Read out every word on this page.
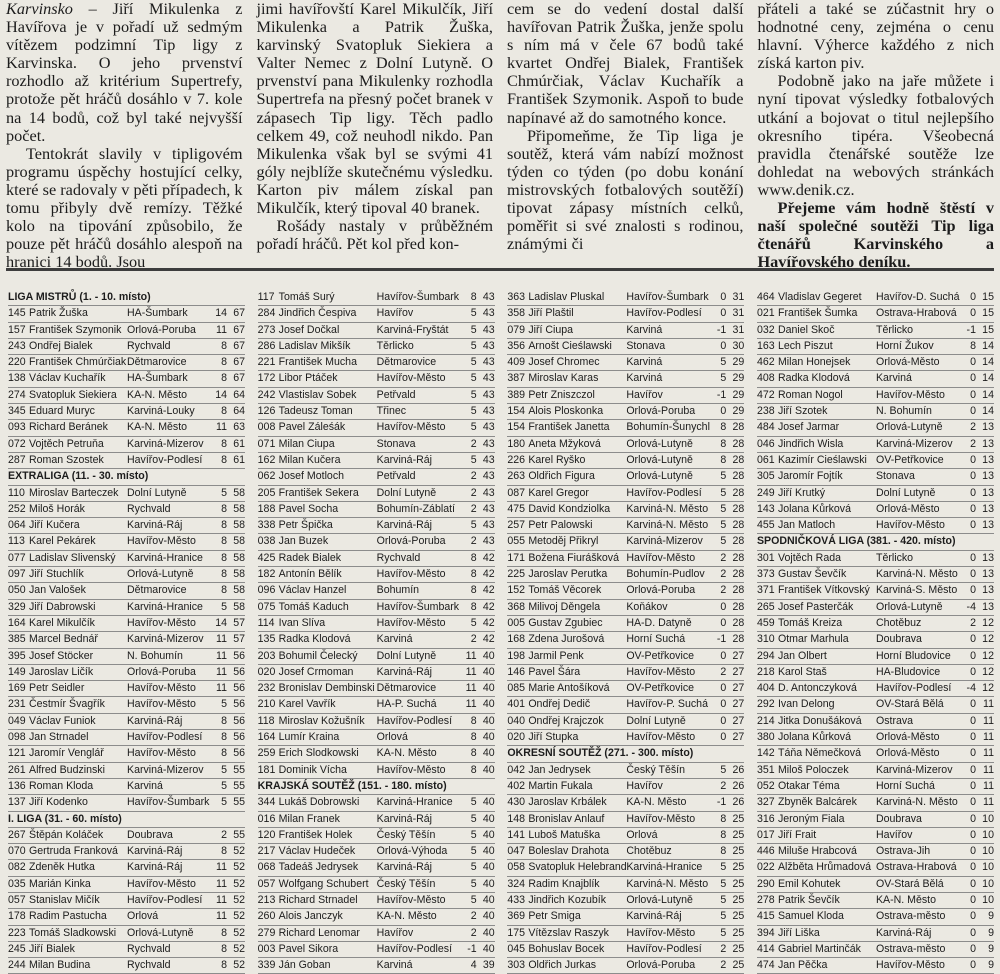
Karvinsko – Jiří Mikulenka z Havířova je v pořadí už sedmým vítězem podzimní Tip ligy z Karvinska. O jeho prvenství rozhodlo až kritérium Supertrefy, protože pět hráčů dosáhlo v 7. kole na 14 bodů, což byl také nejvyšší počet.

Tentokrát slavily v tipligovém programu úspěchy hostující celky, které se radovaly v pěti případech, k tomu přibyly dvě remízy. Těžké kolo na tipování způsobilo, že pouze pět hráčů dosáhlo alespoň na hranici 14 bodů. Jsou

jimi havířovští Karel Mikulčík, Jiří Mikulenka a Patrik Žuška, karvinský Svatopluk Siekiera a Valter Nemec z Dolní Lutyně. O prvenství pana Mikulenky rozhodla Supertrefa na přesný počet branek v zápasech Tip ligy. Těch padlo celkem 49, což neuhodl nikdo. Pan Mikulenka však byl se svými 41 góly nejblíže skutečnému výsledku. Karton piv málem získal pan Mikulčík, který tipoval 40 branek.

Rošády nastaly v průběžném pořadí hráčů. Pět kol před kon-

cem se do vedení dostal další havířovan Patrik Žuška, jenže spolu s ním má v čele 67 bodů také kvartet Ondřej Bialek, František Chmúrčiak, Václav Kuchařík a František Szymonik. Aspoň to bude napínavé až do samotného konce.

Připomeňme, že Tip liga je soutěž, která vám nabízí možnost týden co týden (po dobu konání mistrovských fotbalových soutěží) tipovat zápasy místních celků, poměřit si své znalosti s rodinou, známými či

přáteli a také se zúčastnit hry o hodnotné ceny, zejména o cenu hlavní. Výherce každého z nich získá karton piv.

Podobně jako na jaře můžete i nyní tipovat výsledky fotbalových utkání a bojovat o titul nejlepšího okresního tipéra. Všeobecná pravidla čtenářské soutěže lze dohledat na webových stránkách www.denik.cz.

Přejeme vám hodně štěstí v naší společné soutěži Tip liga čtenářů Karvinského a Havířovského deníku.

LIGA MISTRŮ (1. - 10. místo)
145 Patrik Žuška	HA-Šumbark	14 67
157 František Szymonik Orlová-Poruba	11 67
243 Ondřej Bialek	Rychvald	8 67
220 František Chmúrčiak Dětmarovice	8 67
138 Václav Kuchařík	HA-Šumbark	8 67
274 Svatopluk Siekiera KA-N. Město	14 64
345 Eduard Muryc	Karviná-Louky	8 64
093 Richard Beránek	KA-N. Město	11 63
072 Vojtěch Petruňa	Karviná-Mizerov	8 61
287 Roman Szostek	Havířov-Podlesí	8 61
EXTRALIGA (11. - 30. místo)
110 Miroslav Barteczek Dolní Lutyně	5 58
252 Miloš Horák	Rychvald	8 58
064 Jiří Kučera	Karviná-Ráj	8 58
113 Karel Pekárek	Havířov-Město	8 58
077 Ladislav Slivenský	Karviná-Hranice	8 58
097 Jiří Stuchlík	Orlová-Lutyně	8 58
050 Jan Valošek	Dětmarovice	8 58
329 Jiří Dabrowski	Karviná-Hranice	5 58
164 Karel Mikulčík	Havířov-Město	14 57
385 Marcel Bednář	Karviná-Mizerov	11 57
395 Josef Stöcker	N. Bohumín	11 56
149 Jaroslav Ličík	Orlová-Poruba	11 56
169 Petr Seidler	Havířov-Město	11 56
231 Čestmír Švagřík	Havířov-Město	5 56
049 Václav Funiok	Karviná-Ráj	8 56
098 Jan Strnadel	Havířov-Podlesí	8 56
121 Jaromír Venglář	Havířov-Město	8 56
261 Alfred Budzinski	Karviná-Mizerov	5 55
136 Roman Kloda	Karviná	5 55
137 Jiří Kodenko	Havířov-Šumbark	5 55
I. LIGA (31. - 60. místo)
267 Štěpán Koláček	Doubrava	2 55
070 Gertruda Franková Karviná-Ráj	8 52
082 Zdeněk Hutka	Karviná-Ráj	11 52
035 Marián Kinka	Havířov-Město	11 52
057 Stanislav Mičík	Havířov-Podlesí	11 52
178 Radim Pastucha	Orlová	11 52
223 Tomáš Sladkowski	Orlová-Lutyně	8 52
245 Jiří Bialek	Rychvald	8 52
244 Milan Budina	Rychvald	8 52
117 Tomáš Surý	Havířov-Šumbark	8 43
284 Jindřich Čespiva	Havířov	5 43
273 Josef Dočkal	Karviná-Fryštát	5 43
286 Ladislav Mikšík	Těrlicko	5 43
221 František Mucha	Dětmarovice	5 43
172 Libor Ptáček	Havířov-Město	5 43
242 Vlastislav Sobek	Petřvald	5 43
126 Tadeusz Toman	Třinec	5 43
008 Pavel Záleśák	Havířov-Město	5 43
071 Milan Ciupa	Stonava	2 43
162 Milan Kučera	Karviná-Ráj	5 43
062 Josef Motloch	Petřvald	2 43
205 František Sekera	Dolní Lutyně	2 43
188 Pavel Socha	Bohumín-Záblatí	2 43
338 Petr Špička	Karviná-Ráj	5 43
038 Jan Buzek	Orlová-Poruba	2 43
425 Radek Bialek	Rychvald	8 42
182 Antonín Bělík	Havířov-Město	8 42
096 Václav Hanzel	Bohumín	8 42
075 Tomáš Kaduch	Havířov-Šumbark	8 42
114 Ivan Slíva	Havířov-Město	5 42
135 Radka Klodová	Karviná	2 42
203 Bohumil Čelecký	Dolní Lutyně	11 40
020 Josef Crmoman	Karviná-Ráj	11 40
232 Bronislav Dembinski Dětmarovice	11 40
210 Karel Vavřík	HA-P. Suchá	11 40
118 Miroslav Kožušník	Havířov-Podlesí	8 40
164 Lumír Kraina	Orlová	8 40
259 Erich Slodkowski	KA-N. Město	8 40
181 Dominik Vícha	Havířov-Město	8 40
KRAJSKÁ SOUTĚŽ (151. - 180. místo)
344 Lukáš Dobrowski	Karviná-Hranice	5 40
016 Milan Franek	Karviná-Ráj	5 40
120 František Holek	Český Těšín	5 40
217 Václav Hudeček	Orlová-Výhoda	5 40
068 Tadeáš Jedrysek	Karviná-Ráj	5 40
057 Wolfgang Schubert Český Těšín	5 40
213 Richard Strnadel	Havířov-Město	5 40
260 Alois Janczyk	KA-N. Město	2 40
279 Richard Lenomar	Havířov	2 40
003 Pavel Sikora	Havířov-Podlesí	-1 40
339 Ján Goban	Karviná	4 39
363 Ladislav Pluskal	Havířov-Šumbark	0 31
358 Jiří Plaštil	Havířov-Podlesí	0 31
079 Jiří Ciupa	Karviná	-1 31
356 Arnošt Cieślawski	Stonava	0 30
409 Josef Chromec	Karviná	5 29
387 Miroslav Karas	Karviná	5 29
389 Petr Zniszczol	Havířov	-1 29
154 Alois Ploskonka	Orlová-Poruba	0 29
154 František Janetta	Bohumín-Šunychl 8 28
180 Aneta Mžyková	Orlová-Lutyně	8 28
226 Karel Ryško	Orlová-Lutyně	8 28
263 Oldřich Figura	Orlová-Lutyně	5 28
087 Karel Gregor	Havířov-Podlesí	5 28
475 David Kondziolka	Karviná-N. Město	5 28
257 Petr Palowski	Karviná-N. Město	5 28
055 Metoděj Přikryl	Karviná-Mizerov	5 28
171 Božena Fiurášková Havířov-Město	2 28
225 Jaroslav Perutka	Bohumín-Pudlov	2 28
152 Tomáš Věcorek	Orlová-Poruba	2 28
368 Milivoj Děngela	Koňákov	0 28
005 Gustav Zgubiec	HA-D. Datyně	0 28
168 Zdena Jurošová	Horní Suchá	-1 28
198 Jarmil Penk	OV-Petřkovice	0 27
146 Pavel Šára	Havířov-Město	2 27
085 Marie Antošíková	OV-Petřkovice	0 27
401 Ondřej Dedič	Havířov-P. Suchá	0 27
040 Ondřej Krajczok	Dolní Lutyně	0 27
020 Jiří Stupka	Havířov-Město	0 27
OKRESNÍ SOUTĚŽ (271. - 300. místo)
042 Jan Jedrysek	Český Těšín	5 26
402 Martin Fukala	Havířov	2 26
430 Jaroslav Krbálek	KA-N. Město	-1 26
148 Bronislav Anlauf	Havířov-Město	8 25
141 Luboš Matuška	Orlová	8 25
047 Boleslav Drahota	Chotěbuz	8 25
058 Svatopluk Helebrand Karviná-Hranice	5 25
324 Radim Knajblík	Karviná-N. Město	5 25
433 Jindřich Kozubík	Orlová-Lutyně	5 25
369 Petr Smiga	Karviná-Ráj	5 25
175 Vítězslav Raszyk	Havířov-Město	5 25
045 Bohuslav Bocek	Havířov-Podlesí	2 25
303 Oldřich Jurkas	Orlová-Poruba	2 25
464 Vladislav Gegeret	Havířov-D. Suchá 0 15
021 František Šumka	Ostrava-Hrabová	0 15
032 Daniel Skoč	Těrlicko	-1 15
163 Lech Piszut	Horní Žukov	8 14
462 Milan Honejsek	Orlová-Město	0 14
408 Radka Klodová	Karviná	0 14
472 Roman Nogol	Havířov-Město	0 14
238 Jiří Szotek	N. Bohumín	0 14
484 Josef Jarmar	Orlová-Lutyně	2 13
046 Jindřich Wisla	Karviná-Mizerov	2 13
061 Kazimír Cieślawski OV-Petřkovice	0 13
305 Jaromír Fojtík	Stonava	0 13
249 Jiří Krutký	Dolní Lutyně	0 13
143 Jolana Kůrková	Orlová-Město	0 13
455 Jan Matloch	Havířov-Město	0 13
SPODNIČKOVÁ LIGA (381. - 420. místo)
301 Vojtěch Rada	Těrlicko	0 13
373 Gustav Ševčík	Karviná-N. Město	0 13
371 František Vítkovský Karviná-S. Město	0 13
265 Josef Pasterčák	Orlová-Lutyně	-4 13
459 Tomáš Kreiza	Chotěbuz	2 12
310 Otmar Marhula	Doubrava	0 12
294 Jan Olbert	Horní Bludovice	0 12
218 Karol Staš	HA-Bludovice	0 12
404 D. Antonczyková	Havířov-Podlesí	-4 12
292 Ivan Delong	OV-Stará Bělá	0 11
214 Jitka Donušáková	Ostrava	0 11
380 Jolana Kůrková	Orlová-Město	0 11
142 Táňa Němečková	Orlová-Město	0 11
351 Miloš Poloczek	Karviná-Mizerov	0 11
052 Otakar Téma	Horní Suchá	0 11
327 Zbyněk Balcárek	Karviná-N. Město	0 11
316 Jeroným Fiala	Doubrava	0 10
017 Jiří Frait	Havířov	0 10
446 Miluše Hrabcová	Ostrava-Jih	0 10
022 Alžběta Hrůmadová Ostrava-Hrabová	0 10
290 Emil Kohutek	OV-Stará Bělá	0 10
278 Patrik Ševčík	KA-N. Město	0 10
415 Samuel Kloda	Ostrava-město	0	9
394 Jiří Liška	Karviná-Ráj	0	9
414 Gabriel Martinčák	Ostrava-město	0	9
474 Jan Pěčka	Havířov-Město	0	9
